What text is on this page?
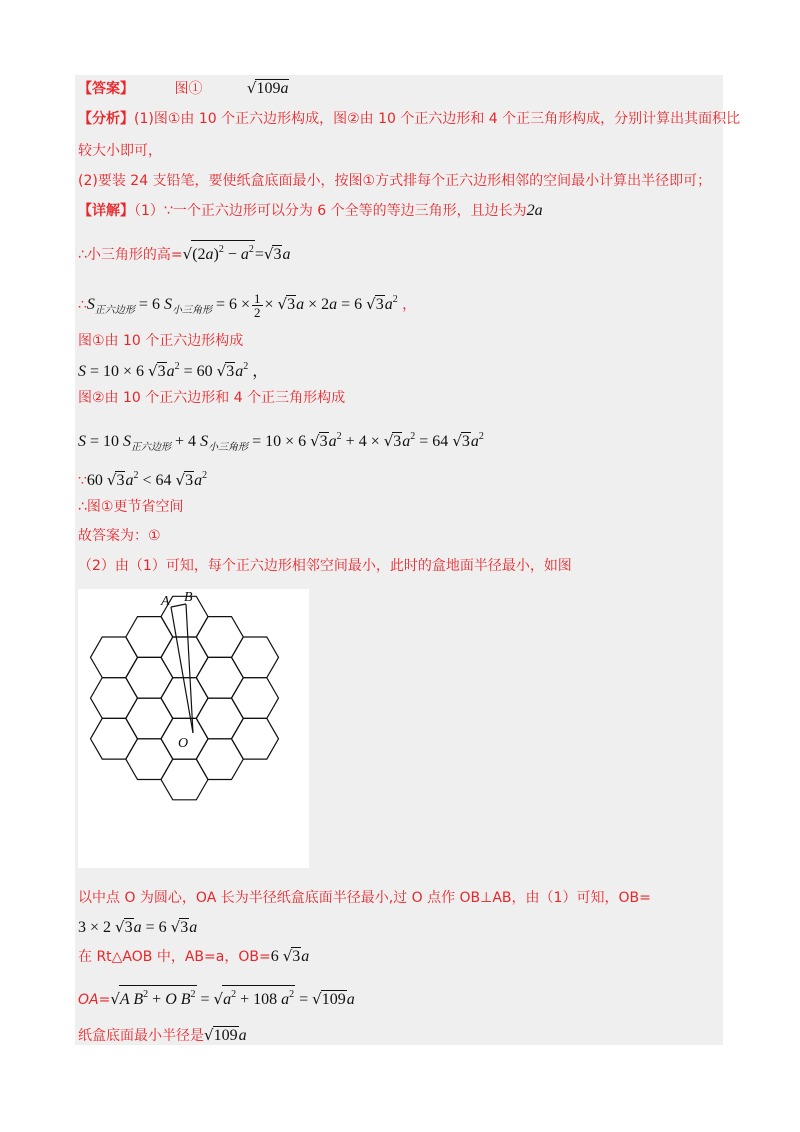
【答案】	图①	√109a
【分析】(1)图①由 10 个正六边形构成，图②由 10 个正六边形和 4 个正三角形构成，分别计算出其面积比
较大小即可，
(2)要装 24 支铅笔，要使纸盒底面最小，按图①方式排每个正六边形相邻的空间最小计算出半径即可；
【详解】（1）∵一个正六边形可以分为 6 个全等的等边三角形，且边长为2a
∴小三角形的高$=√(2a)^2 - a^2=√3a$
$\therefore S_{正六边形} = 6$ $S_{小三角形} = 6 \times \frac{1}{2} \times √3a \times 2a = 6$ $√3a^2$ ，
图①由 10 个正六边形构成
S = 10 × 6 $√3a^2 = 60$ $√3a^2$ ，
图②由 10 个正六边形和 4 个正三角形构成
S = 10 $S_{正六边形} + 4$ $S_{小三角形} = 10 \times 6$ $√3a^2 + 4 \times √3a^2 = 64$ $√3a^2$
∵60 $√3a^2 < 64$ $√3a^2$
∴图①更节省空间
故答案为：①
（2）由（1）可知，每个正六边形相邻空间最小，此时的盒地面半径最小，如图
A B
O
以中点 O 为圆心，OA 长为半径纸盒底面半径最小,过 O 点作 OB⊥AB，由（1）可知，OB=
3 × 2 √3a = 6 √3a
在 Rt△AOB 中，AB=a，OB=6 √3a
OA=√A $B^2 + O$ $B^2 = √a^2 + 108$ $a^2 = √109a$
纸盒底面最小半径是√109a
